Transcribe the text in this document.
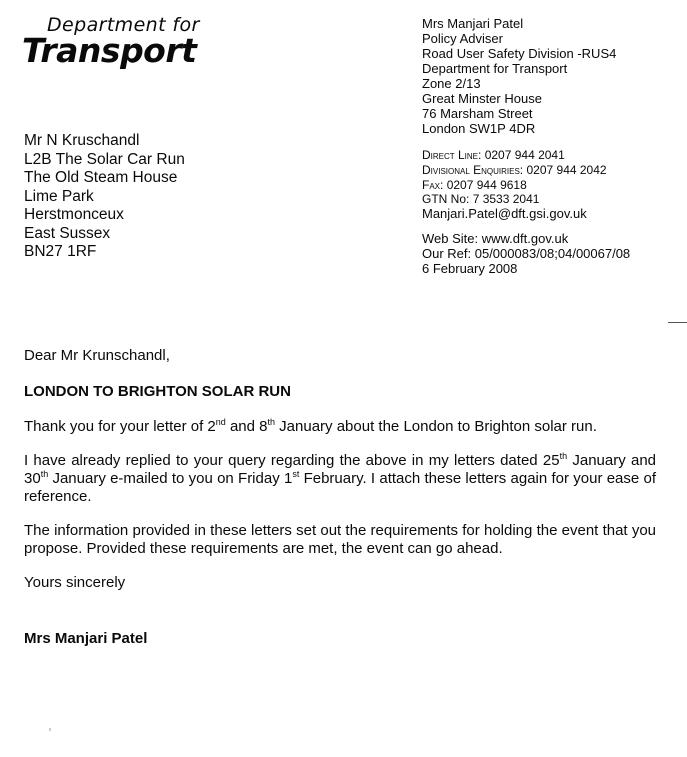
Department for
Transport
Mrs Manjari Patel
Policy Adviser
Road User Safety Division -RUS4
Department for Transport
Zone 2/13
Great Minster House
76 Marsham Street
London SW1P 4DR
Direct Line: 0207 944 2041
Divisional Enquiries: 0207 944 2042
Fax: 0207 944 9618
GTN No: 7 3533 2041
Manjari.Patel@dft.gsi.gov.uk
Web Site: www.dft.gov.uk
Our Ref: 05/000083/08;04/00067/08
6 February 2008
Mr N Kruschandl
L2B The Solar Car Run
The Old Steam House
Lime Park
Herstmonceux
East Sussex
BN27 1RF

Dear Mr Krunschandl,

LONDON TO BRIGHTON SOLAR RUN

Thank you for your letter of 2nd and 8th January about the London to Brighton solar run.

I have already replied to your query regarding the above in my letters dated 25th January and 30th January e-mailed to you on Friday 1st February. I attach these letters again for your ease of reference.

The information provided in these letters set out the requirements for holding the event that you propose. Provided these requirements are met, the event can go ahead.

Yours sincerely

Mrs Manjari Patel
